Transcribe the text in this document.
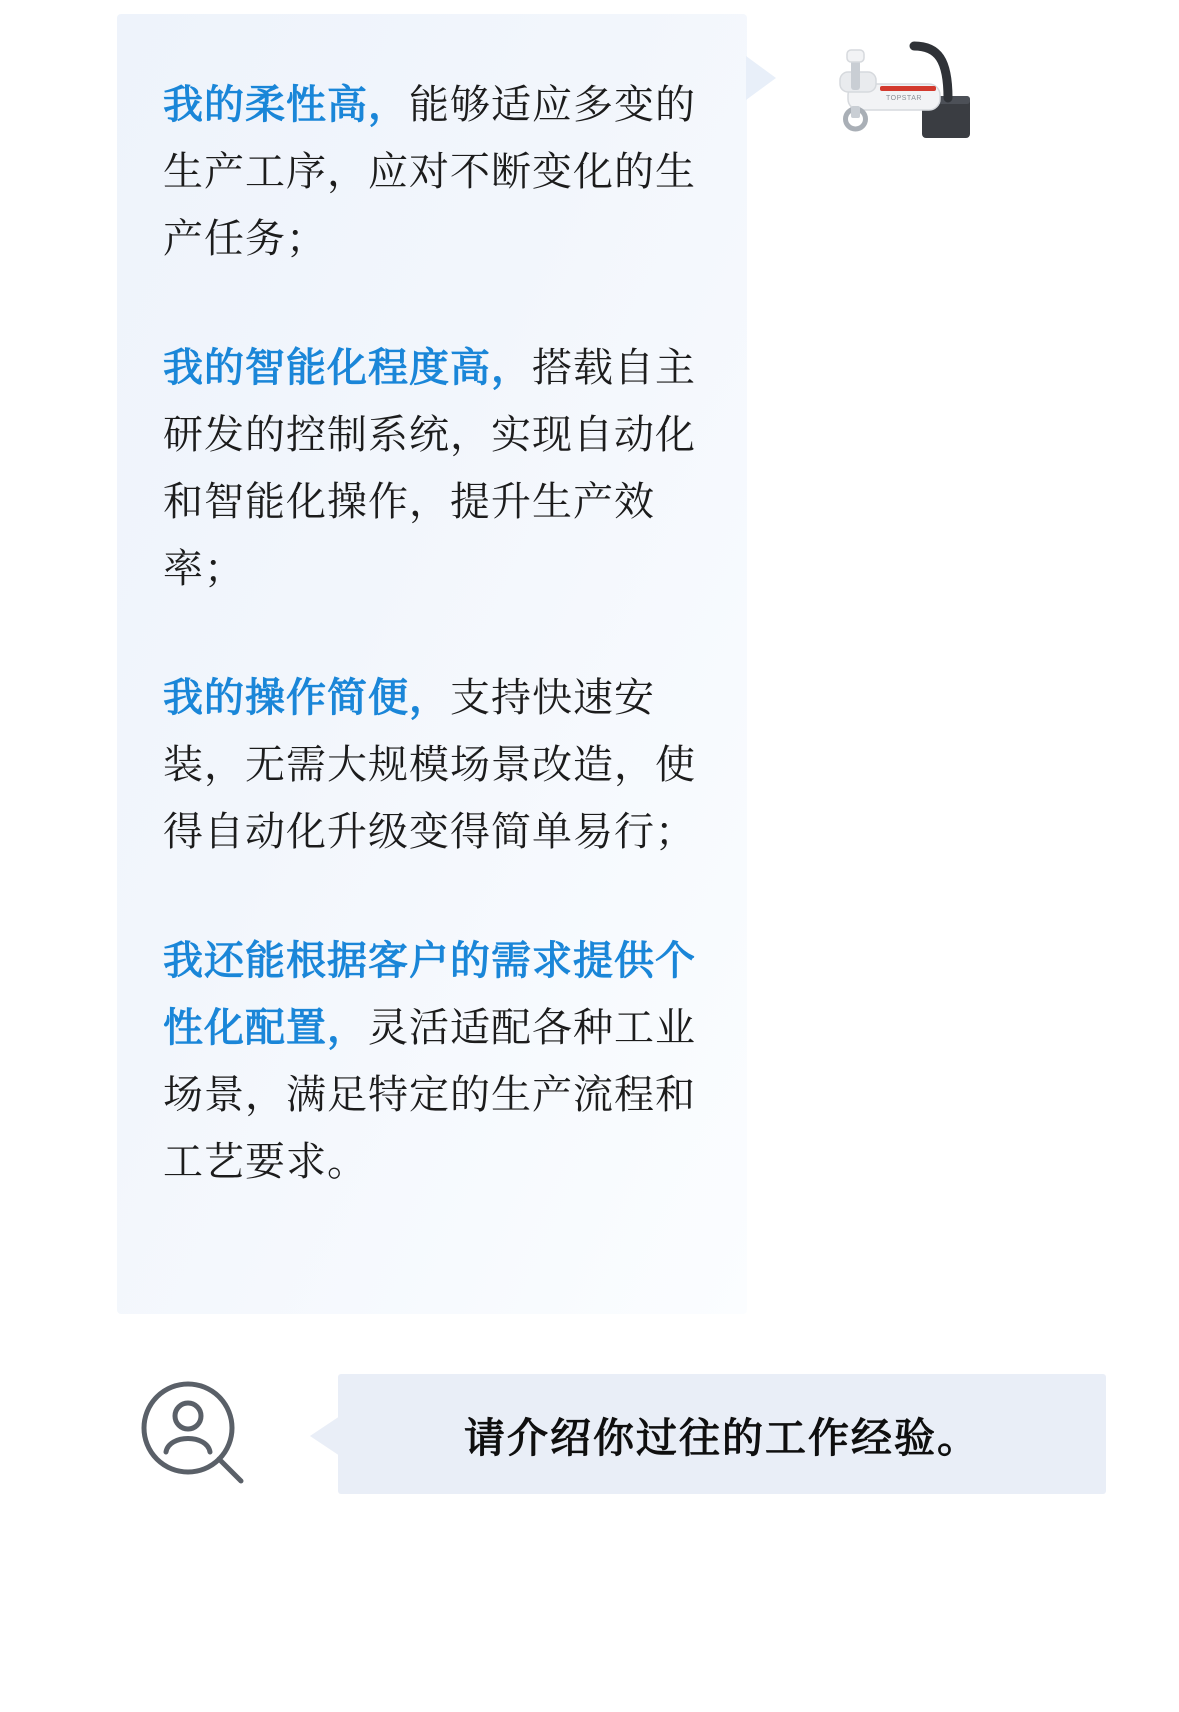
我的柔性高，能够适应多变的生产工序，应对不断变化的生产任务；

我的智能化程度高，搭载自主研发的控制系统，实现自动化和智能化操作，提升生产效率；

我的操作简便，支持快速安装，无需大规模场景改造，使得自动化升级变得简单易行；

我还能根据客户的需求提供个性化配置，灵活适配各种工业场景，满足特定的生产流程和工艺要求。

TOPSTAR
请介绍你过往的工作经验。
